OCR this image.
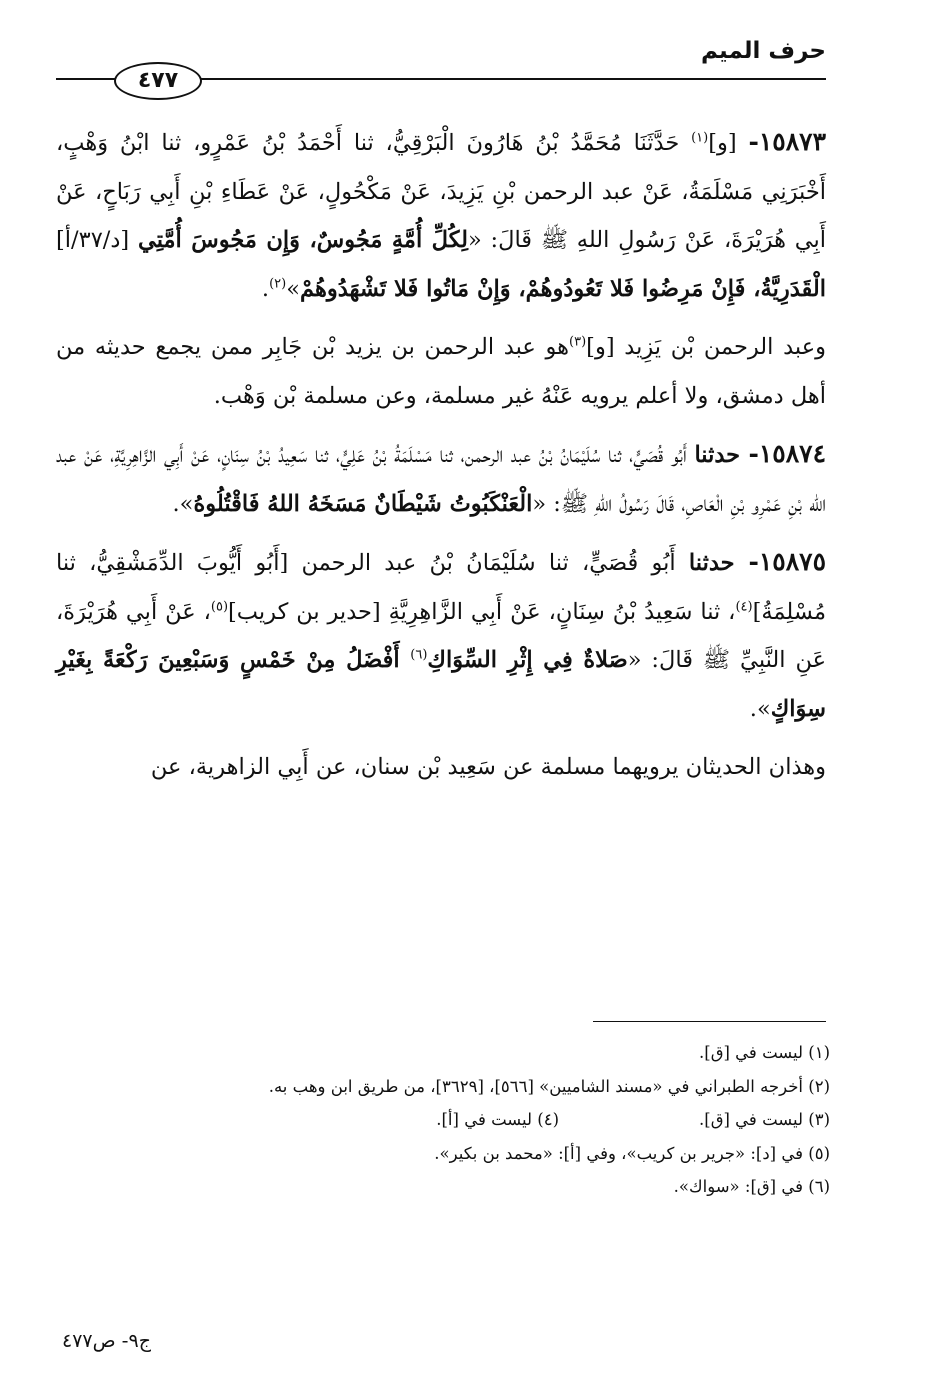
٤٧٧
حرف الميم

١٥٨٧٣- [و]$^{(١)}$ حَدَّثَنَا مُحَمَّدُ بْنُ هَارُونَ الْبَرْقِيُّ، ثنا أَحْمَدُ بْنُ عَمْرٍو، ثنا ابْنُ وَهْبٍ، أَخْبَرَنِي مَسْلَمَةُ، عَنْ عبد الرحمن بْنِ يَزِيدَ، عَنْ مَكْحُولٍ، عَنْ عَطَاءِ بْنِ أَبِي رَبَاحٍ، عَنْ أَبِي هُرَيْرَةَ، عَنْ رَسُولِ اللهِ ﷺ قَالَ: «لِكُلِّ أُمَّةٍ مَجُوسٌ، وَإِن مَجُوسَ أُمَّتِي [د/٣٧/أ] الْقَدَرِيَّةُ، فَإِنْ مَرِضُوا فَلا تَعُودُوهُمْ، وَإِنْ مَاتُوا فَلا تَشْهَدُوهُمْ»$^{(٢)}$.

وعبد الرحمن بْن يَزِيد [و]$^{(٣)}$هو عبد الرحمن بن يزيد بْن جَابِر ممن يجمع حديثه من أهل دمشق، ولا أعلم يرويه عَنْهُ غير مسلمة، وعن مسلمة بْن وَهْب.

١٥٨٧٤- حدثنا أَبُو قُصَيٍّ، ثنا سُلَيْمَانُ بْنُ عبد الرحمن، ثنا مَسْلَمَةُ بْنُ عَلِيٍّ، ثنا سَعِيدُ بْنُ سِنَانٍ، عَنْ أَبِي الزَّاهِرِيَّةِ، عَنْ عبد الله بْنِ عَمْرِو بْنِ الْعَاصِ، قَالَ رَسُولُ اللهِ ﷺ: «الْعَنْكَبُوتُ شَيْطَانٌ مَسَخَهُ اللهُ فَاقْتُلُوهُ».

١٥٨٧٥- حدثنا أَبُو قُصَيٍّ، ثنا سُلَيْمَانُ بْنُ عبد الرحمن [أَبُو أَيُّوبَ الدِّمَشْقِيُّ، ثنا مُسْلِمَةُ]$^{(٤)}$، ثنا سَعِيدُ بْنُ سِنَانٍ، عَنْ أَبِي الزَّاهِرِيَّةِ [حدير بن كريب]$^{(٥)}$، عَنْ أَبِي هُرَيْرَةَ، عَنِ النَّبِيِّ ﷺ قَالَ: «صَلاةٌ فِي إِثْرِ السِّوَاكِ$^{(٦)}$ أَفْضَلُ مِنْ خَمْسٍ وَسَبْعِينَ رَكْعَةً بِغَيْرِ سِوَاكٍ».

وهذان الحديثان يرويهما مسلمة عن سَعِيد بْن سنان، عن أَبِي الزاهرية، عن

(١) ليست في [ق].
(٢) أخرجه الطبراني في «مسند الشاميين» [٥٦٦]، [٣٦٢٩]، من طريق ابن وهب به.
(٣) ليست في [ق].(٤) ليست في [أ].
(٥) في [د]: «جرير بن كريب»، وفي [أ]: «محمد بن بكير».
(٦) في [ق]: «سواك».
ج٩- ص٤٧٧
